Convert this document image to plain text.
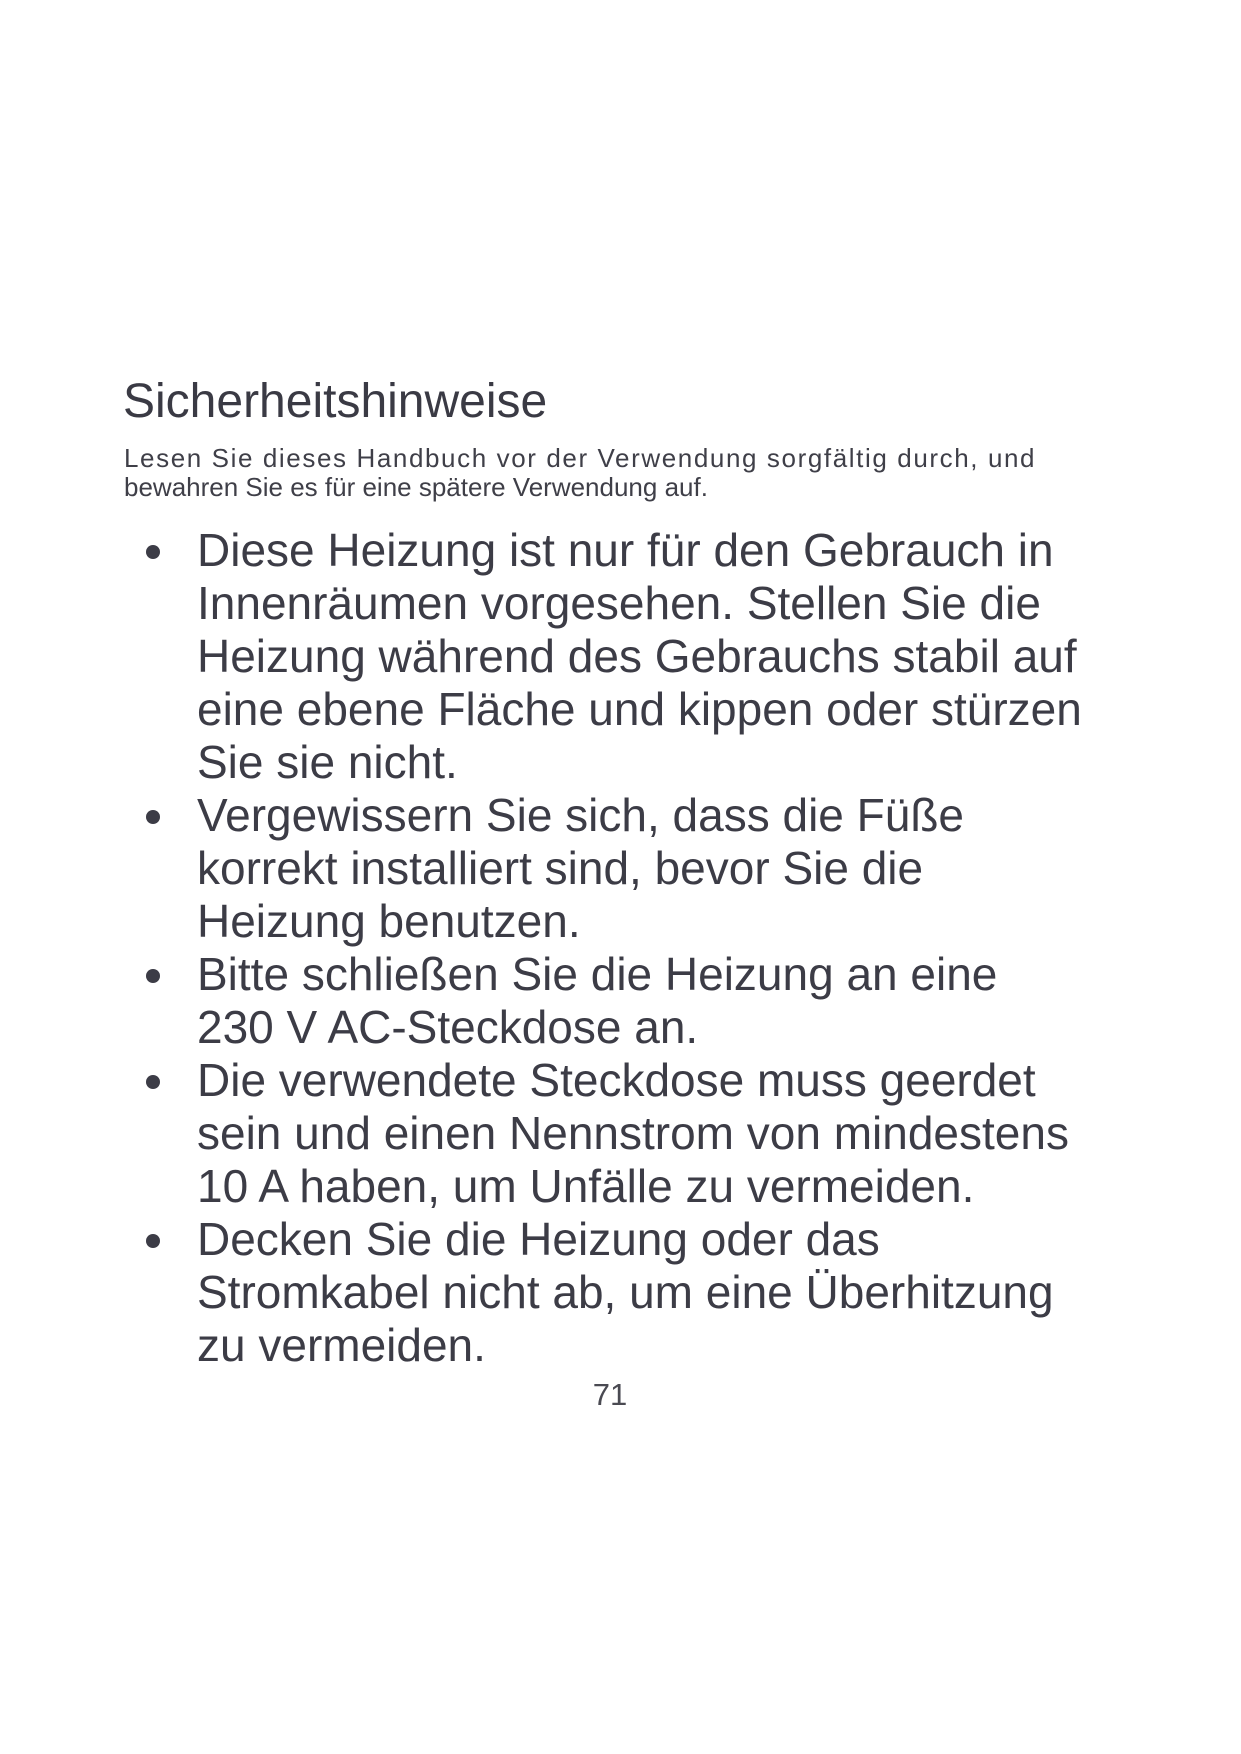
Sicherheitshinweise

Lesen Sie dieses Handbuch vor der Verwendung sorgfältig durch, und
bewahren Sie es für eine spätere Verwendung auf.

Diese Heizung ist nur für den Gebrauch in
Innenräumen vorgesehen. Stellen Sie die
Heizung während des Gebrauchs stabil auf
eine ebene Fläche und kippen oder stürzen
Sie sie nicht.
Vergewissern Sie sich, dass die Füße
korrekt installiert sind, bevor Sie die
Heizung benutzen.
Bitte schließen Sie die Heizung an eine
230 V AC-Steckdose an.
Die verwendete Steckdose muss geerdet
sein und einen Nennstrom von mindestens
10 A haben, um Unfälle zu vermeiden.
Decken Sie die Heizung oder das
Stromkabel nicht ab, um eine Überhitzung
zu vermeiden.
71
